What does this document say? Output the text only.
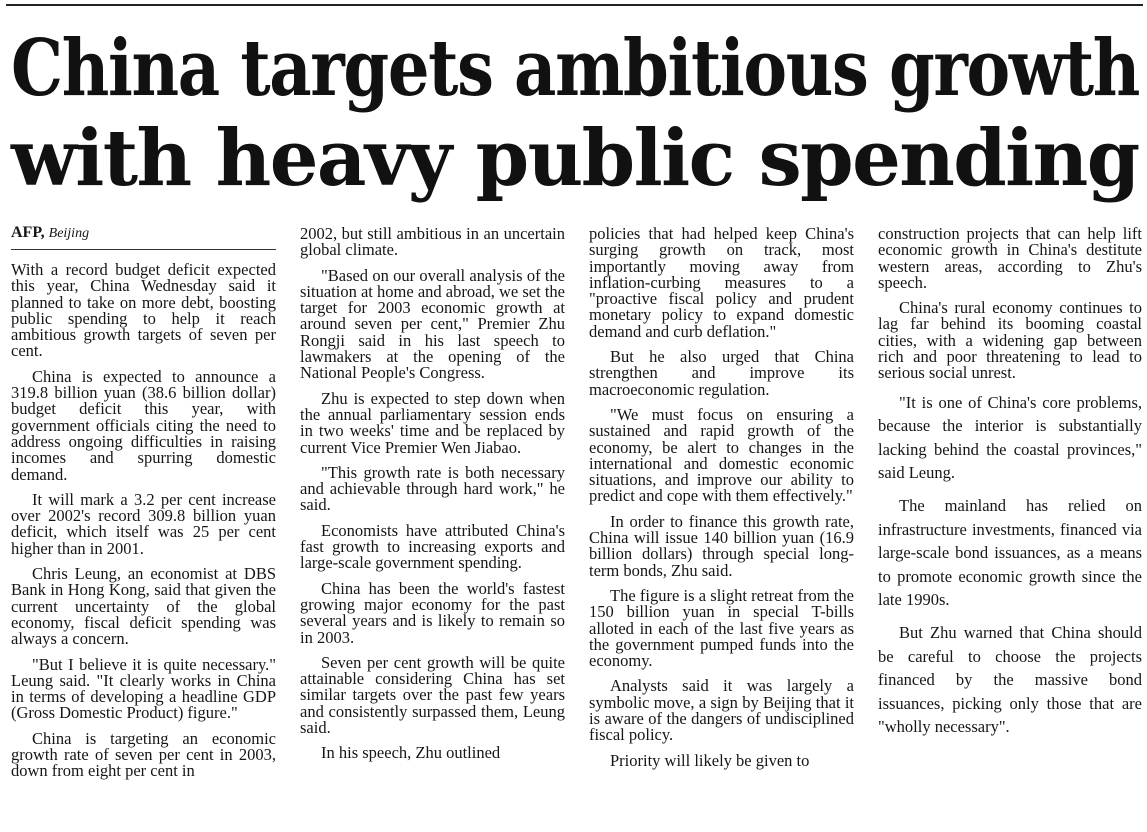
China targets ambitious growth
with heavy public spending
AFP, Beijing

With a record budget deficit expected this year, China Wednesday said it planned to take on more debt, boosting public spending to help it reach ambitious growth targets of seven per cent.

China is expected to announce a 319.8 billion yuan (38.6 billion dollar) budget deficit this year, with government officials citing the need to address ongoing difficulties in raising incomes and spurring domestic demand.

It will mark a 3.2 per cent increase over 2002's record 309.8 billion yuan deficit, which itself was 25 per cent higher than in 2001.

Chris Leung, an economist at DBS Bank in Hong Kong, said that given the current uncertainty of the global economy, fiscal deficit spending was always a concern.

"But I believe it is quite necessary." Leung said. "It clearly works in China in terms of developing a headline GDP (Gross Domestic Product) figure."

China is targeting an economic growth rate of seven per cent in 2003, down from eight per cent in

2002, but still ambitious in an uncertain global climate.

"Based on our overall analysis of the situation at home and abroad, we set the target for 2003 economic growth at around seven per cent," Premier Zhu Rongji said in his last speech to lawmakers at the opening of the National People's Congress.

Zhu is expected to step down when the annual parliamentary session ends in two weeks' time and be replaced by current Vice Premier Wen Jiabao.

"This growth rate is both necessary and achievable through hard work," he said.

Economists have attributed China's fast growth to increasing exports and large-scale government spending.

China has been the world's fastest growing major economy for the past several years and is likely to remain so in 2003.

Seven per cent growth will be quite attainable considering China has set similar targets over the past few years and consistently surpassed them, Leung said.

In his speech, Zhu outlined

policies that had helped keep China's surging growth on track, most importantly moving away from inflation-curbing measures to a "proactive fiscal policy and prudent monetary policy to expand domestic demand and curb deflation."

But he also urged that China strengthen and improve its macroeconomic regulation.

"We must focus on ensuring a sustained and rapid growth of the economy, be alert to changes in the international and domestic economic situations, and improve our ability to predict and cope with them effectively."

In order to finance this growth rate, China will issue 140 billion yuan (16.9 billion dollars) through special long-term bonds, Zhu said.

The figure is a slight retreat from the 150 billion yuan in special T-bills alloted in each of the last five years as the government pumped funds into the economy.

Analysts said it was largely a symbolic move, a sign by Beijing that it is aware of the dangers of undisciplined fiscal policy.

Priority will likely be given to

construction projects that can help lift economic growth in China's destitute western areas, according to Zhu's speech.

China's rural economy continues to lag far behind its booming coastal cities, with a widening gap between rich and poor threatening to lead to serious social unrest.

"It is one of China's core problems, because the interior is substantially lacking behind the coastal provinces," said Leung.

The mainland has relied on infrastructure investments, financed via large-scale bond issuances, as a means to promote economic growth since the late 1990s.

But Zhu warned that China should be careful to choose the projects financed by the massive bond issuances, picking only those that are "wholly necessary".
